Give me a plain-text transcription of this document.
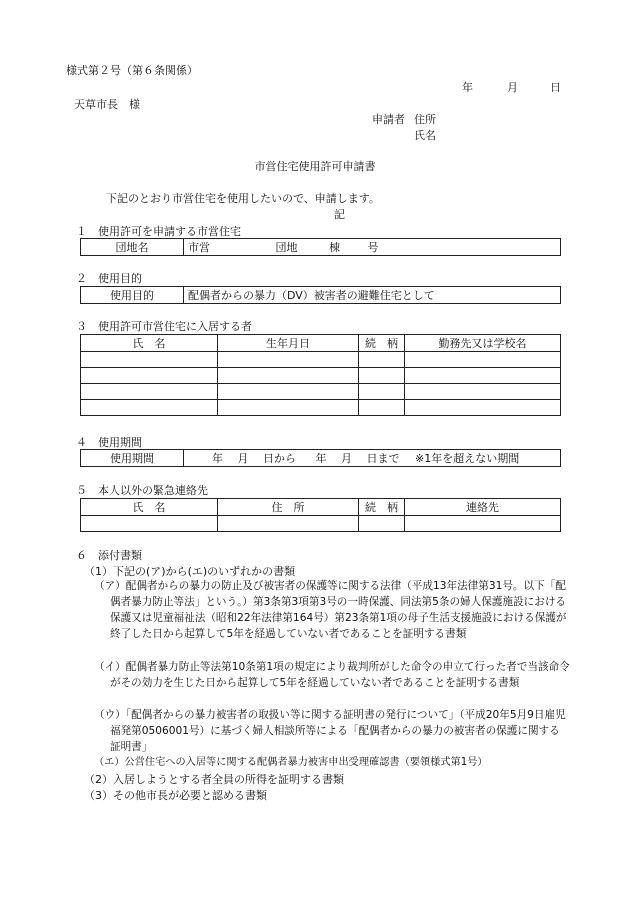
様式第２号（第６条関係）
年	月	日
天草市長　様
申請者 住所
氏名
市営住宅使用許可申請書
下記のとおり市営住宅を使用したいので、申請します。
記
１　使用許可を申請する市営住宅
団地名	市営	団地	棟	号
２　使用目的
使用目的	配偶者からの暴力（DV）被害者の避難住宅として
３　使用許可市営住宅に入居する者
氏　名	生年月日	続　柄	勤務先又は学校名

４　使用期間
使用期間	年　 月　 日から 年　 月　 日まで ※1年を超えない期間
５　本人以外の緊急連絡先
氏　名	住　所	続　柄	連絡先

６　添付書類
（1）下記の(ア)から(エ)のいずれかの書類
（ア）配偶者からの暴力の防止及び被害者の保護等に関する法律（平成13年法律第31号。以下「配偶者暴力防止等法」という。）第3条第3項第3号の一時保護、同法第5条の婦人保護施設における保護又は児童福祉法（昭和22年法律第164号）第23条第1項の母子生活支援施設における保護が終了した日から起算して5年を経過していない者であることを証明する書類
（イ）配偶者暴力防止等法第10条第1項の規定により裁判所がした命令の申立て行った者で当該命令がその効力を生じた日から起算して5年を経過していない者であることを証明する書類
（ウ）「配偶者からの暴力被害者の取扱い等に関する証明書の発行について」（平成20年5月9日雇児福発第0506001号）に基づく婦人相談所等による「配偶者からの暴力の被害者の保護に関する証明書」
（エ）公営住宅への入居等に関する配偶者暴力被害申出受理確認書（要領様式第1号）
（2）入居しようとする者全員の所得を証明する書類
（3）その他市長が必要と認める書類
